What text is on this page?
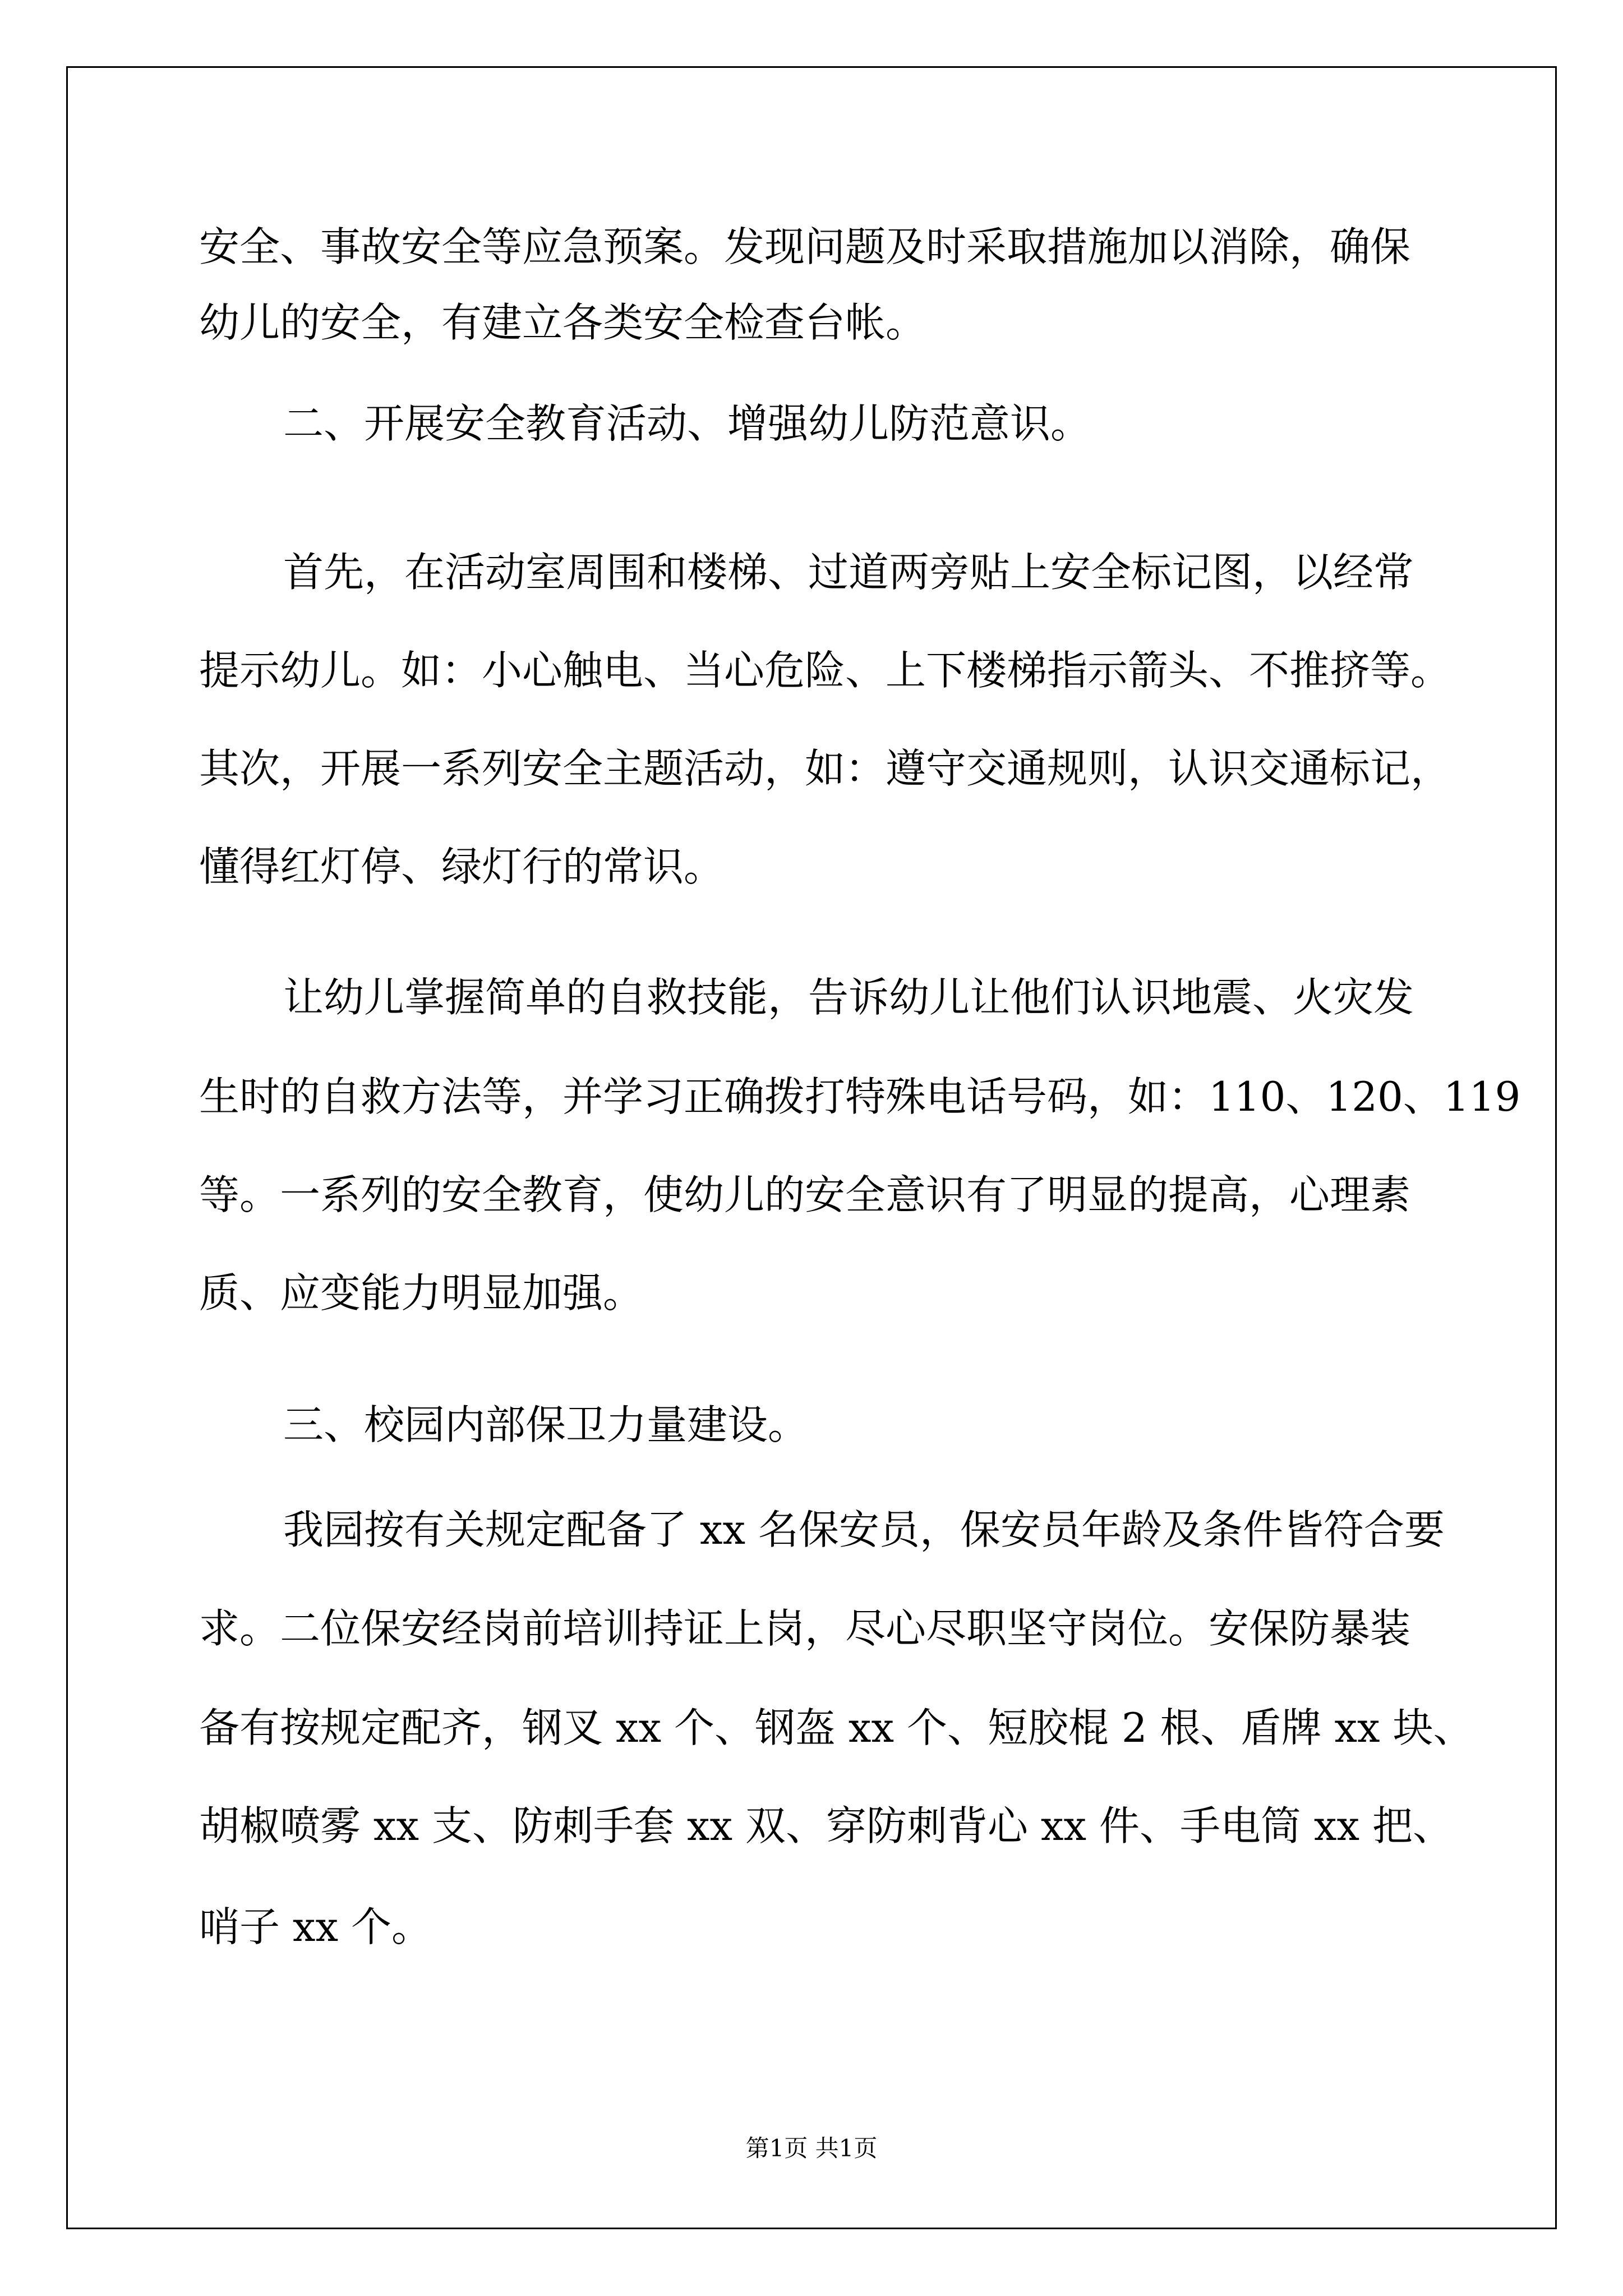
安全、事故安全等应急预案。发现问题及时采取措施加以消除，确保
幼儿的安全，有建立各类安全检查台帐。
二、开展安全教育活动、增强幼儿防范意识。
首先，在活动室周围和楼梯、过道两旁贴上安全标记图，以经常
提示幼儿。如：小心触电、当心危险、上下楼梯指示箭头、不推挤等。
其次，开展一系列安全主题活动，如：遵守交通规则，认识交通标记，
懂得红灯停、绿灯行的常识。
让幼儿掌握简单的自救技能，告诉幼儿让他们认识地震、火灾发
生时的自救方法等，并学习正确拨打特殊电话号码，如：110、120、119
等。一系列的安全教育，使幼儿的安全意识有了明显的提高，心理素
质、应变能力明显加强。
三、校园内部保卫力量建设。
我园按有关规定配备了 xx 名保安员，保安员年龄及条件皆符合要
求。二位保安经岗前培训持证上岗，尽心尽职坚守岗位。安保防暴装
备有按规定配齐，钢叉 xx 个、钢盔 xx 个、短胶棍 2 根、盾牌 xx 块、
胡椒喷雾 xx 支、防刺手套 xx 双、穿防刺背心 xx 件、手电筒 xx 把、
哨子 xx 个。
第1页 共1页
